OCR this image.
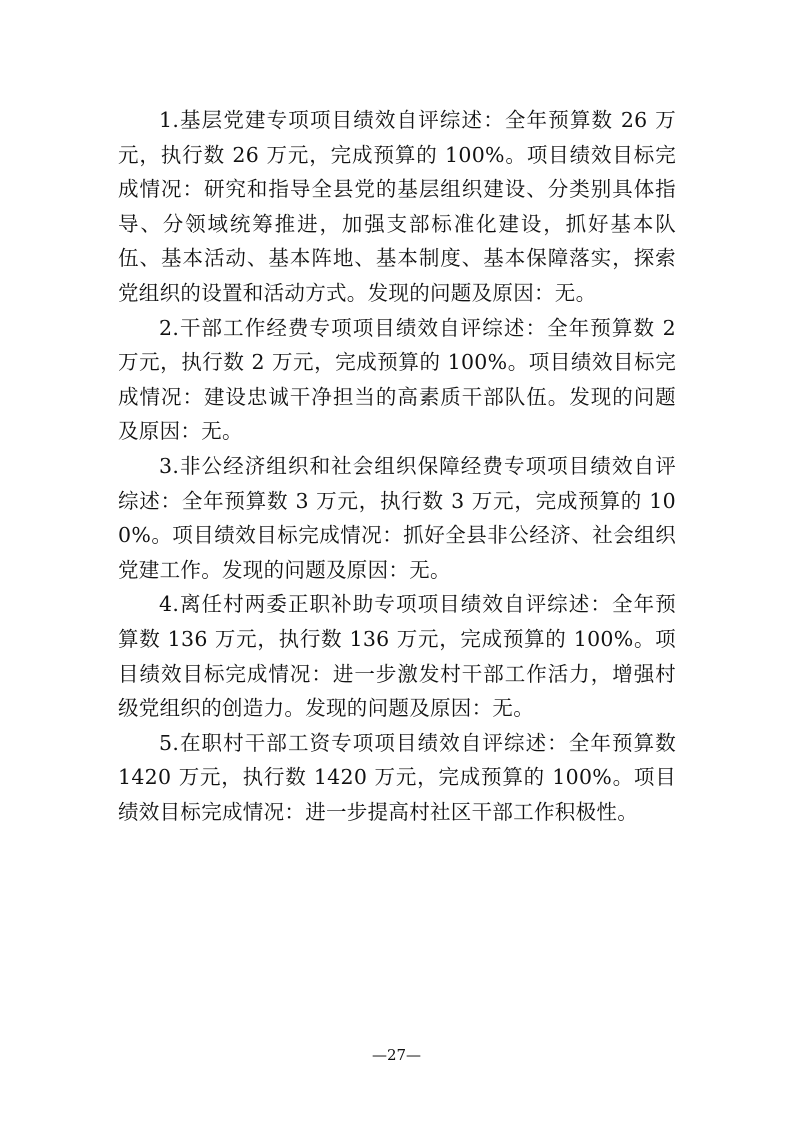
1.基层党建专项项目绩效自评综述：全年预算数 26 万元，执行数 26 万元，完成预算的 100%。项目绩效目标完成情况：研究和指导全县党的基层组织建设、分类别具体指导、分领域统筹推进，加强支部标准化建设，抓好基本队伍、基本活动、基本阵地、基本制度、基本保障落实，探索党组织的设置和活动方式。发现的问题及原因：无。

2.干部工作经费专项项目绩效自评综述：全年预算数 2 万元，执行数 2 万元，完成预算的 100%。项目绩效目标完成情况：建设忠诚干净担当的高素质干部队伍。发现的问题及原因：无。

3.非公经济组织和社会组织保障经费专项项目绩效自评综述：全年预算数 3 万元，执行数 3 万元，完成预算的 100%。项目绩效目标完成情况：抓好全县非公经济、社会组织党建工作。发现的问题及原因：无。

4.离任村两委正职补助专项项目绩效自评综述：全年预算数 136 万元，执行数 136 万元，完成预算的 100%。项目绩效目标完成情况：进一步激发村干部工作活力，增强村级党组织的创造力。发现的问题及原因：无。

5.在职村干部工资专项项目绩效自评综述：全年预算数 1420 万元，执行数 1420 万元，完成预算的 100%。项目绩效目标完成情况：进一步提高村社区干部工作积极性。

—27—
